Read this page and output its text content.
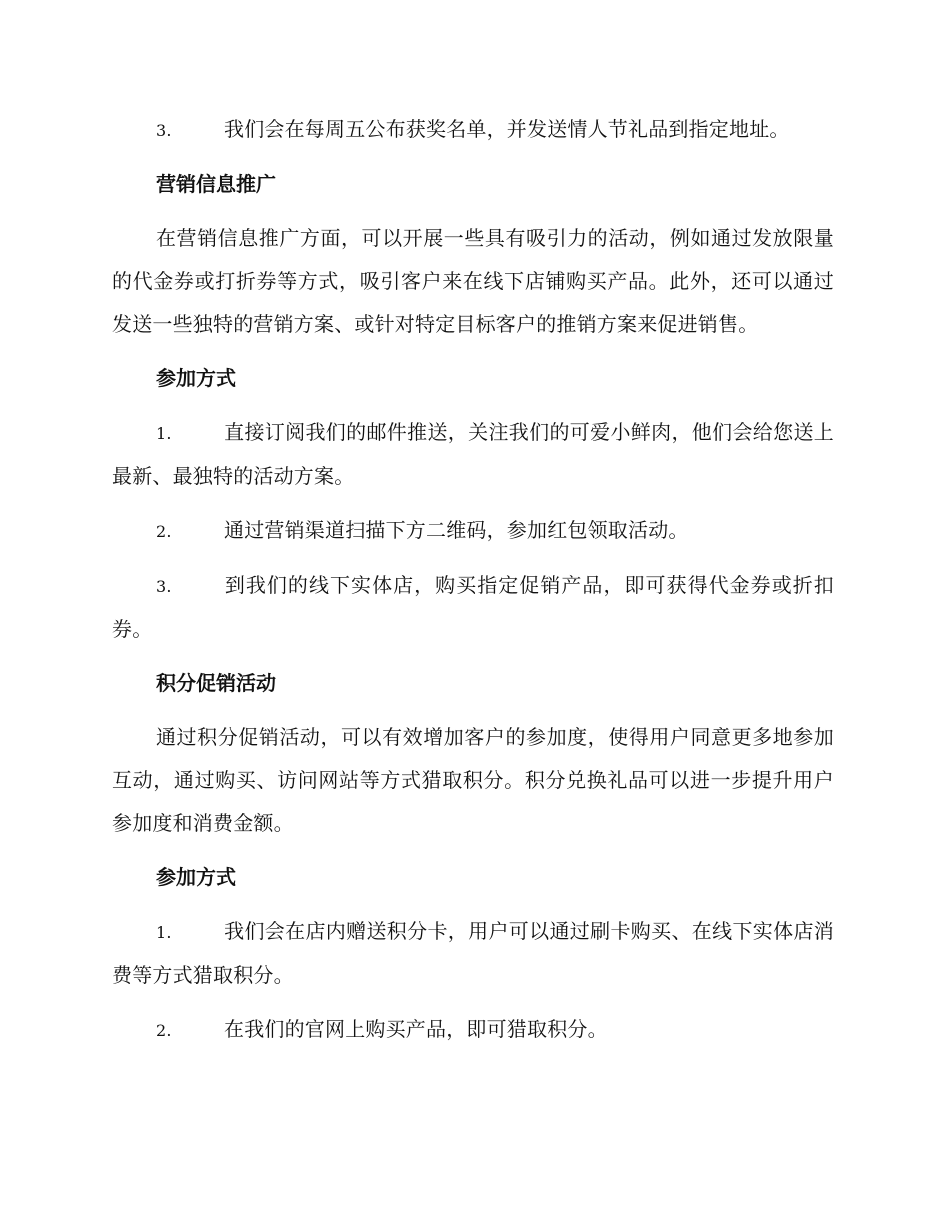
3.	我们会在每周五公布获奖名单，并发送情人节礼品到指定地址。

营销信息推广

在营销信息推广方面，可以开展一些具有吸引力的活动，例如通过发放限量的代金券或打折券等方式，吸引客户来在线下店铺购买产品。此外，还可以通过发送一些独特的营销方案、或针对特定目标客户的推销方案来促进销售。

参加方式

1.	直接订阅我们的邮件推送，关注我们的可爱小鲜肉，他们会给您送上最新、最独特的活动方案。

2.	通过营销渠道扫描下方二维码，参加红包领取活动。

3.	到我们的线下实体店，购买指定促销产品，即可获得代金券或折扣券。

积分促销活动

通过积分促销活动，可以有效增加客户的参加度，使得用户同意更多地参加互动，通过购买、访问网站等方式猎取积分。积分兑换礼品可以进一步提升用户参加度和消费金额。

参加方式

1.	我们会在店内赠送积分卡，用户可以通过刷卡购买、在线下实体店消费等方式猎取积分。

2.	在我们的官网上购买产品，即可猎取积分。
